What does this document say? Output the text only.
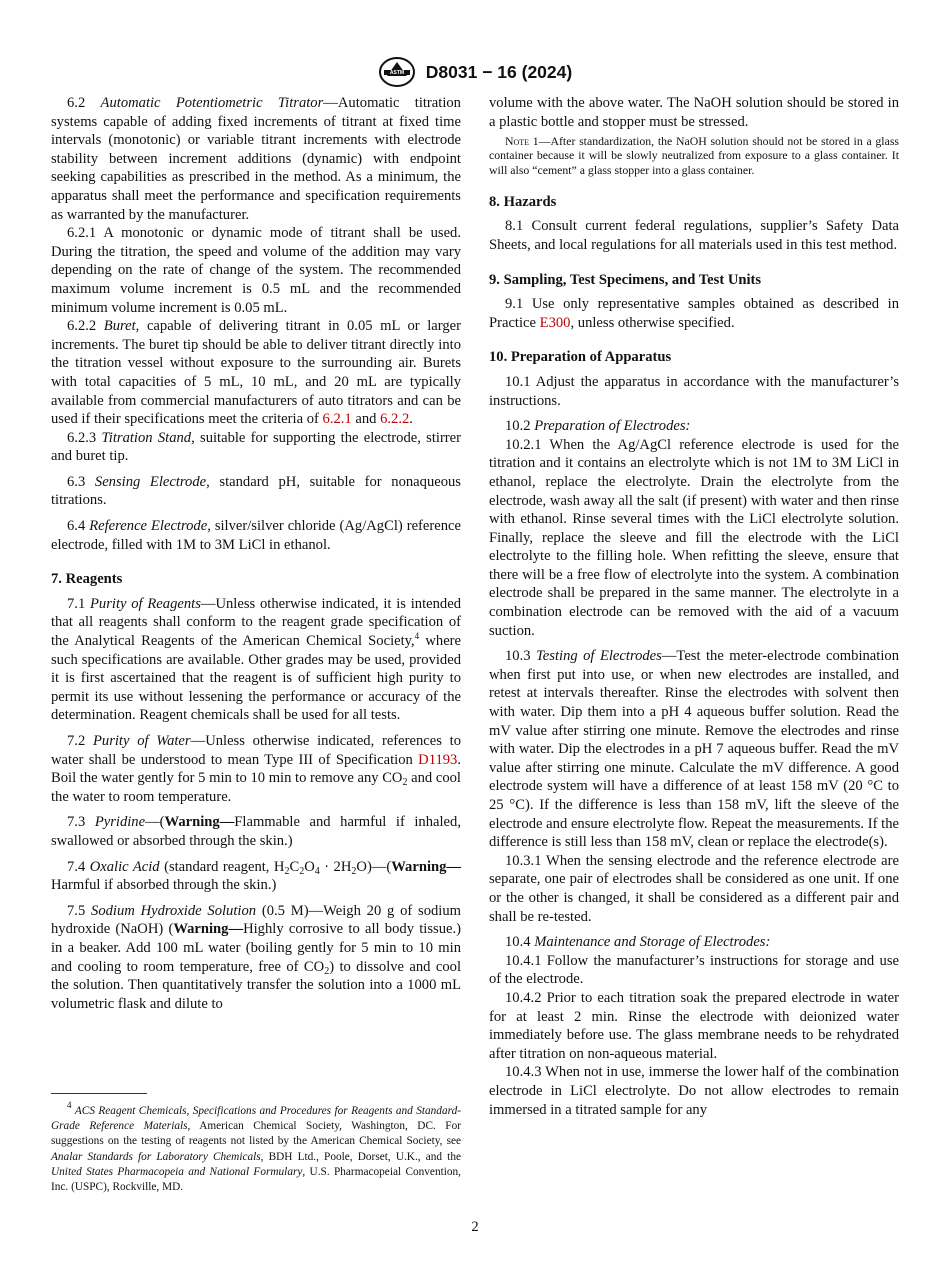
ASTM D8031 − 16 (2024)

6.2 Automatic Potentiometric Titrator—Automatic titration systems capable of adding fixed increments of titrant at fixed time intervals (monotonic) or variable titrant increments with electrode stability between increment additions (dynamic) with endpoint seeking capabilities as prescribed in the method. As a minimum, the apparatus shall meet the performance and specification requirements as warranted by the manufacturer.

6.2.1 A monotonic or dynamic mode of titrant shall be used. During the titration, the speed and volume of the addition may vary depending on the rate of change of the system. The recommended maximum volume increment is 0.5 mL and the recommended minimum volume increment is 0.05 mL.

6.2.2 Buret, capable of delivering titrant in 0.05 mL or larger increments. The buret tip should be able to deliver titrant directly into the titration vessel without exposure to the surrounding air. Burets with total capacities of 5 mL, 10 mL, and 20 mL are typically available from commercial manufacturers of auto titrators and can be used if their specifications meet the criteria of 6.2.1 and 6.2.2.

6.2.3 Titration Stand, suitable for supporting the electrode, stirrer and buret tip.

6.3 Sensing Electrode, standard pH, suitable for nonaqueous titrations.

6.4 Reference Electrode, silver/silver chloride (Ag/AgCl) reference electrode, filled with 1M to 3M LiCl in ethanol.

7. Reagents

7.1 Purity of Reagents—Unless otherwise indicated, it is intended that all reagents shall conform to the reagent grade specification of the Analytical Reagents of the American Chemical Society,$^4$ where such specifications are available. Other grades may be used, provided it is first ascertained that the reagent is of sufficient high purity to permit its use without lessening the performance or accuracy of the determination. Reagent chemicals shall be used for all tests.

7.2 Purity of Water—Unless otherwise indicated, references to water shall be understood to mean Type III of Specification D1193. Boil the water gently for 5 min to 10 min to remove any $CO_2$ and cool the water to room temperature.

7.3 Pyridine—(Warning—Flammable and harmful if inhaled, swallowed or absorbed through the skin.)

7.4 Oxalic Acid (standard reagent, $H_2C_2O_4$ · $2H_2O)—(Warning—Harmful$ if absorbed through the skin.)

7.5 Sodium Hydroxide Solution (0.5 M)—Weigh 20 g of sodium hydroxide (NaOH) (Warning—Highly corrosive to all body tissue.) in a beaker. Add 100 mL water (boiling gently for 5 min to 10 min and cooling to room temperature, free of $CO_2$) to dissolve and cool the solution. Then quantitatively transfer the solution into a 1000 mL volumetric flask and dilute to

$^4$ ACS Reagent Chemicals, Specifications and Procedures for Reagents and Standard-Grade Reference Materials, American Chemical Society, Washington, DC. For suggestions on the testing of reagents not listed by the American Chemical Society, see Analar Standards for Laboratory Chemicals, BDH Ltd., Poole, Dorset, U.K., and the United States Pharmacopeia and National Formulary, U.S. Pharmacopeial Convention, Inc. (USPC), Rockville, MD.

volume with the above water. The NaOH solution should be stored in a plastic bottle and stopper must be stressed.

Note 1—After standardization, the NaOH solution should not be stored in a glass container because it will be slowly neutralized from exposure to a glass container. It will also “cement” a glass stopper into a glass container.

8. Hazards

8.1 Consult current federal regulations, supplier’s Safety Data Sheets, and local regulations for all materials used in this test method.

9. Sampling, Test Specimens, and Test Units

9.1 Use only representative samples obtained as described in Practice E300, unless otherwise specified.

10. Preparation of Apparatus

10.1 Adjust the apparatus in accordance with the manufacturer’s instructions.

10.2 Preparation of Electrodes:

10.2.1 When the Ag/AgCl reference electrode is used for the titration and it contains an electrolyte which is not 1M to 3M LiCl in ethanol, replace the electrolyte. Drain the electrolyte from the electrode, wash away all the salt (if present) with water and then rinse with ethanol. Rinse several times with the LiCl electrolyte solution. Finally, replace the sleeve and fill the electrode with the LiCl electrolyte to the filling hole. When refitting the sleeve, ensure that there will be a free flow of electrolyte into the system. A combination electrode shall be prepared in the same manner. The electrolyte in a combination electrode can be removed with the aid of a vacuum suction.

10.3 Testing of Electrodes—Test the meter-electrode combination when first put into use, or when new electrodes are installed, and retest at intervals thereafter. Rinse the electrodes with solvent then with water. Dip them into a pH 4 aqueous buffer solution. Read the mV value after stirring one minute. Remove the electrodes and rinse with water. Dip the electrodes in a pH 7 aqueous buffer. Read the mV value after stirring one minute. Calculate the mV difference. A good electrode system will have a difference of at least 158 mV (20 °C to 25 °C). If the difference is less than 158 mV, lift the sleeve of the electrode and ensure electrolyte flow. Repeat the measurements. If the difference is still less than 158 mV, clean or replace the electrode(s).

10.3.1 When the sensing electrode and the reference electrode are separate, one pair of electrodes shall be considered as one unit. If one or the other is changed, it shall be considered as a different pair and shall be re-tested.

10.4 Maintenance and Storage of Electrodes:

10.4.1 Follow the manufacturer’s instructions for storage and use of the electrode.

10.4.2 Prior to each titration soak the prepared electrode in water for at least 2 min. Rinse the electrode with deionized water immediately before use. The glass membrane needs to be rehydrated after titration on non-aqueous material.

10.4.3 When not in use, immerse the lower half of the combination electrode in LiCl electrolyte. Do not allow electrodes to remain immersed in a titrated sample for any

2
